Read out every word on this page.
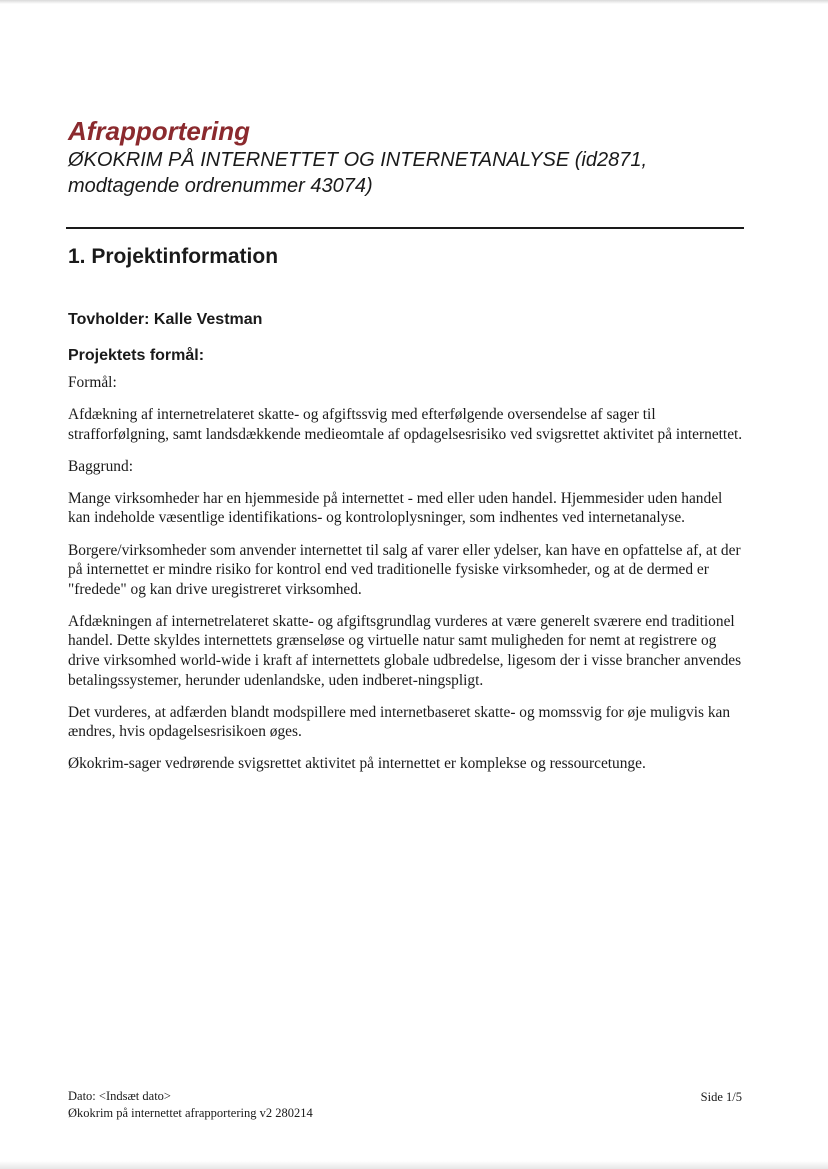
Afrapportering
ØKOKRIM PÅ INTERNETTET OG INTERNETANALYSE (id2871,
modtagende ordrenummer 43074)
1. Projektinformation
Tovholder: Kalle Vestman
Projektets formål:

Formål:

Afdækning af internetrelateret skatte- og afgiftssvig med efterfølgende oversendelse af sager til strafforfølgning, samt landsdækkende medieomtale af opdagelsesrisiko ved svigsrettet aktivitet på internettet.

Baggrund:

Mange virksomheder har en hjemmeside på internettet - med eller uden handel. Hjemmesider uden handel kan indeholde væsentlige identifikations- og kontroloplysninger, som indhentes ved internetanalyse.

Borgere/virksomheder som anvender internettet til salg af varer eller ydelser, kan have en opfattelse af, at der på internettet er mindre risiko for kontrol end ved traditionelle fysiske virksomheder, og at de dermed er "fredede" og kan drive uregistreret virksomhed.

Afdækningen af internetrelateret skatte- og afgiftsgrundlag vurderes at være generelt sværere end traditionel handel. Dette skyldes internettets grænseløse og virtuelle natur samt muligheden for nemt at registrere og drive virksomhed world-wide i kraft af internettets globale udbredelse, ligesom der i visse brancher anvendes betalingssystemer, herunder udenlandske, uden indberet-ningspligt.

Det vurderes, at adfærden blandt modspillere med internetbaseret skatte- og momssvig for øje muligvis kan ændres, hvis opdagelsesrisikoen øges.

Økokrim-sager vedrørende svigsrettet aktivitet på internettet er komplekse og ressourcetunge.

Dato: <Indsæt dato>
Økokrim på internettet afrapportering v2 280214
Side 1/5
